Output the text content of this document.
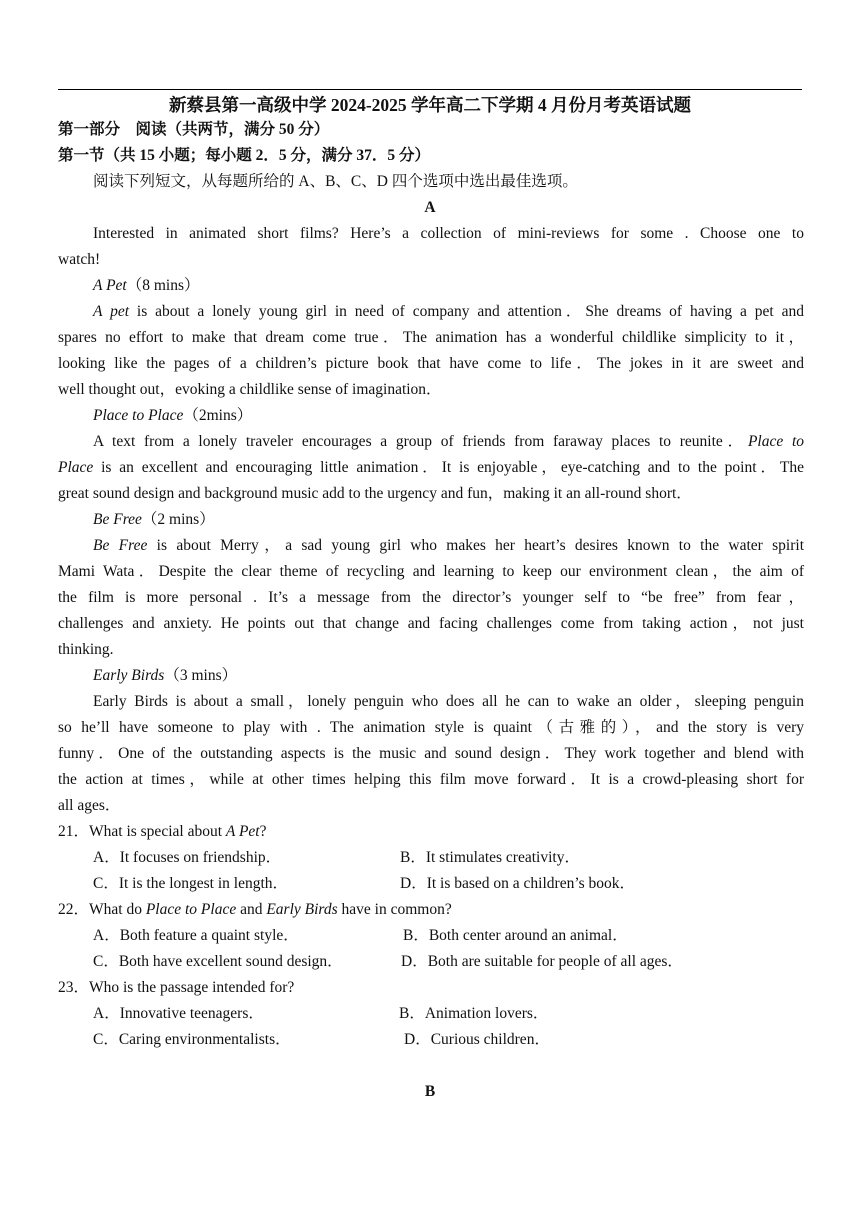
新蔡县第一高级中学 2024-2025 学年高二下学期 4 月份月考英语试题
第一部分　阅读（共两节，满分 50 分）
第一节（共 15 小题；每小题 2．5 分，满分 37．5 分）
阅读下列短文，从每题所给的 A、B、C、D 四个选项中选出最佳选项。
A
Interested in animated short films? Here’s a collection of mini-reviews for some . Choose one to
watch!
A Pet（8 mins）
A pet is about a lonely young girl in need of company and attention．She dreams of having a pet and
spares no effort to make that dream come true．The animation has a wonderful childlike simplicity to it，
looking like the pages of a children’s picture book that have come to life．The jokes in it are sweet and
well thought out，evoking a childlike sense of imagination．
Place to Place（2mins）
A text from a lonely traveler encourages a group of friends from faraway places to reunite．Place to
Place is an excellent and encouraging little animation．It is enjoyable，eye-catching and to the point．The
great sound design and background music add to the urgency and fun，making it an all-round short．
Be Free（2 mins）
Be Free is about Merry，a sad young girl who makes her heart’s desires known to the water spirit
Mami Wata．Despite the clear theme of recycling and learning to keep our environment clean，the aim of
the film is more personal . It’s a message from the director’s younger self to “be free” from fear，
challenges and anxiety. He points out that change and facing challenges come from taking action，not just
thinking.
Early Birds（3 mins）
Early Birds is about a small，lonely penguin who does all he can to wake an older，sleeping penguin
so he’ll have someone to play with . The animation style is quaint（古雅的），and the story is very
funny．One of the outstanding aspects is the music and sound design．They work together and blend with
the action at times，while at other times helping this film move forward．It is a crowd-pleasing short for
all ages．
21．What is special about A Pet?
A．It focuses on friendship．	B．It stimulates creativity．
C．It is the longest in length．	D．It is based on a children’s book．
22．What do Place to Place and Early Birds have in common?
A．Both feature a quaint style．	B．Both center around an animal．
C．Both have excellent sound design．	D．Both are suitable for people of all ages．
23．Who is the passage intended for?
A．Innovative teenagers．	B．Animation lovers．
C．Caring environmentalists．	D．Curious children．
B
